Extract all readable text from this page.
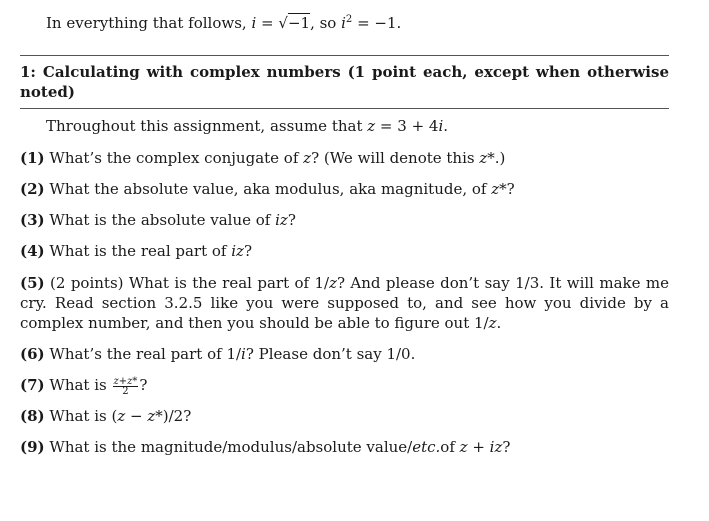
In everything that follows, i = √−1, so $i^2 = -1$.
1: Calculating with complex numbers (1 point each, except when otherwise noted)
Throughout this assignment, assume that z = 3 + 4i.
(1) What’s the complex conjugate of z? (We will denote this z*.)
(2) What the absolute value, aka modulus, aka magnitude, of z*?
(3) What is the absolute value of iz?
(4) What is the real part of iz?
(5) (2 points) What is the real part of 1/z? And please don’t say 1/3. It will make me cry. Read section 3.2.5 like you were supposed to, and see how you divide by a complex number, and then you should be able to figure out 1/z.
(6) What’s the real part of 1/i? Please don’t say 1/0.
(7) What is $\frac{z+z*}{2}$ ?
(8) What is (z − z*)/2?
(9) What is the magnitude/modulus/absolute value/etc.of z + iz?
